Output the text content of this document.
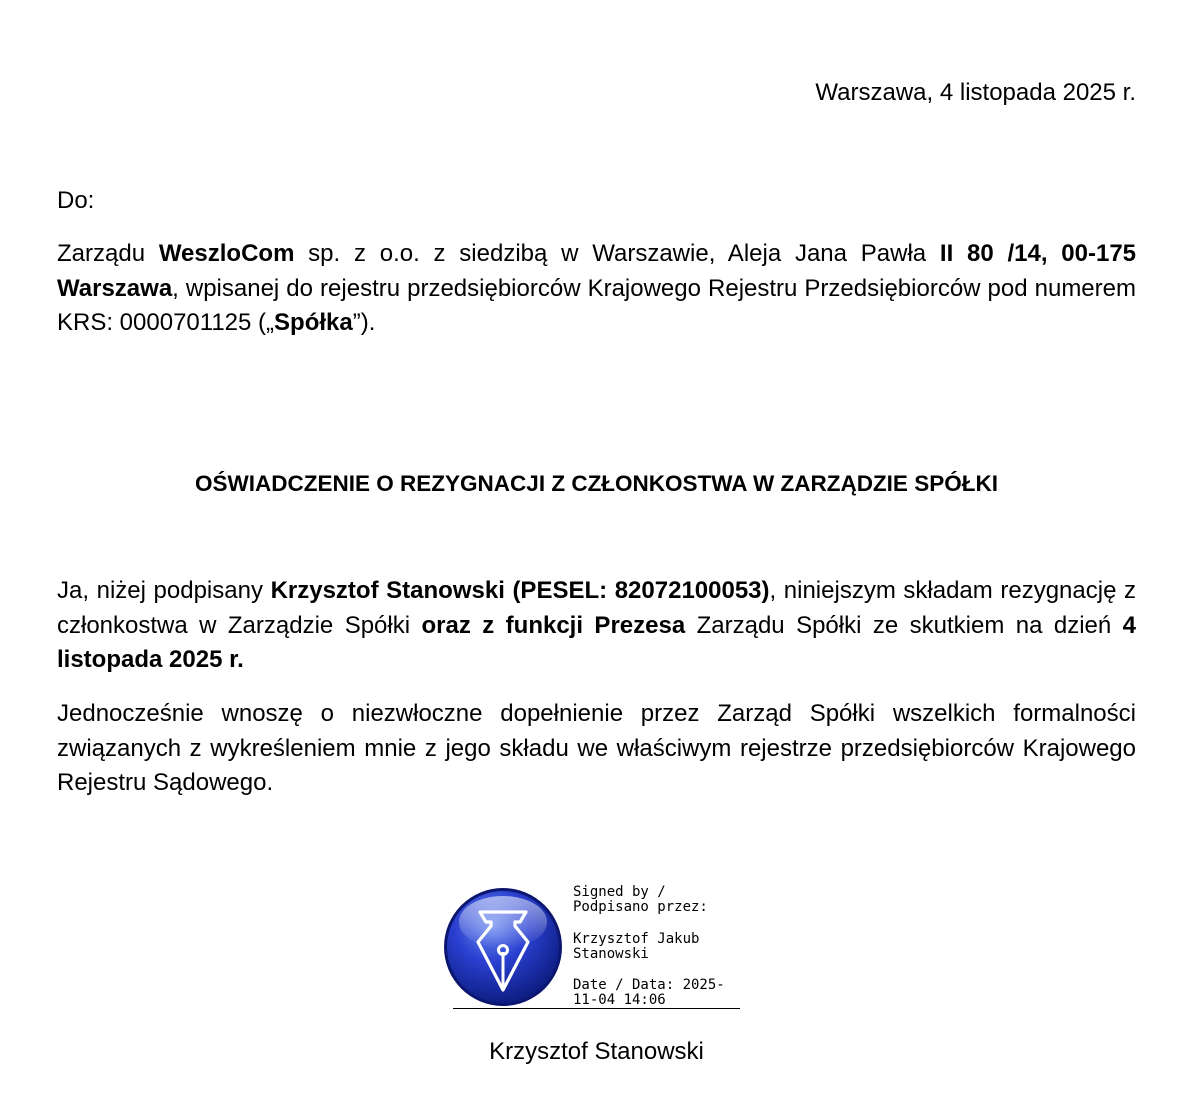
Warszawa, 4 listopada 2025 r.
Do:
Zarządu WeszloCom sp. z o.o. z siedzibą w Warszawie, Aleja Jana Pawła II 80 /14, 00-175 Warszawa, wpisanej do rejestru przedsiębiorców Krajowego Rejestru Przedsiębiorców pod numerem KRS: 0000701125 („Spółka”).
OŚWIADCZENIE O REZYGNACJI Z CZŁONKOSTWA W ZARZĄDZIE SPÓŁKI
Ja, niżej podpisany Krzysztof Stanowski (PESEL: 82072100053), niniejszym składam rezygnację z członkostwa w Zarządzie Spółki oraz z funkcji Prezesa Zarządu Spółki ze skutkiem na dzień 4 listopada 2025 r.
Jednocześnie wnoszę o niezwłoczne dopełnienie przez Zarząd Spółki wszelkich formalności związanych z wykreśleniem mnie z jego składu we właściwym rejestrze przedsiębiorców Krajowego Rejestru Sądowego.
Signed by /
Podpisano przez:
Krzysztof Jakub
Stanowski
Date / Data: 2025-
11-04 14:06
Krzysztof Stanowski
